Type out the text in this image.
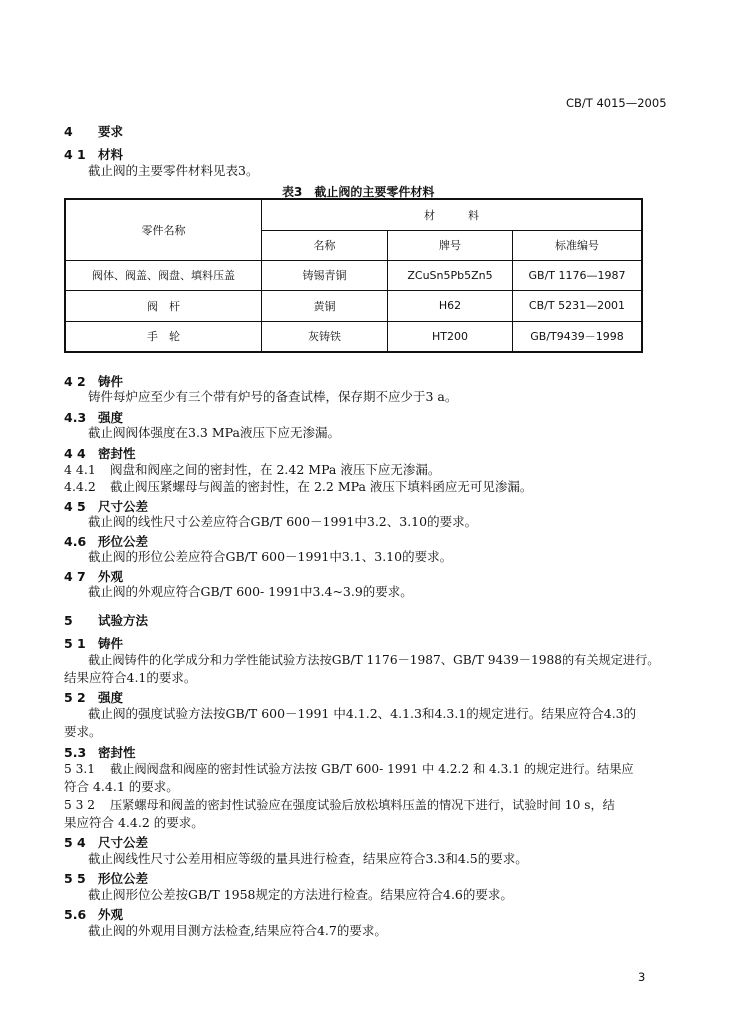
CB/T 4015—2005
4 要求
4 1 材料
截止阀的主要零件材料见表3。
表3　截止阀的主要零件材料
零件名称	材　　　料		
	名称	牌号	标准编号
阀体、阀盖、阀盘、填料压盖	铸锡青铜	ZCuSn5Pb5Zn5	GB/T 1176—1987
阀　杆	黄铜	H62	CB/T 5231—2001
手　轮	灰铸铁	HT200	GB/T9439－1998
4 2 铸件
铸件每炉应至少有三个带有炉号的备查试棒，保存期不应少于3 a。
4.3 强度
截止阀阀体强度在3.3 MPa液压下应无渗漏。
4 4 密封性
4 4.1 阀盘和阀座之间的密封性，在 2.42 MPa 液压下应无渗漏。
4.4.2 截止阀压紧螺母与阀盖的密封性，在 2.2 MPa 液压下填料函应无可见渗漏。
4 5 尺寸公差
截止阀的线性尺寸公差应符合GB/T 600－1991中3.2、3.10的要求。
4.6 形位公差
截止阀的形位公差应符合GB/T 600－1991中3.1、3.10的要求。
4 7 外观
截止阀的外观应符合GB/T 600- 1991中3.4~3.9的要求。
5 试验方法
5 1 铸件
截止阀铸件的化学成分和力学性能试验方法按GB/T 1176－1987、GB/T 9439－1988的有关规定进行。
结果应符合4.1的要求。
5 2 强度
截止阀的强度试验方法按GB/T 600－1991 中4.1.2、4.1.3和4.3.1的规定进行。结果应符合4.3的
要求。
5.3 密封性
5 3.1 截止阀阀盘和阀座的密封性试验方法按 GB/T 600- 1991 中 4.2.2 和 4.3.1 的规定进行。结果应
符合 4.4.1 的要求。
5 3 2 压紧螺母和阀盖的密封性试验应在强度试验后放松填料压盖的情况下进行，试验时间 10 s，结
果应符合 4.4.2 的要求。
5 4 尺寸公差
截止阀线性尺寸公差用相应等级的量具进行检查，结果应符合3.3和4.5的要求。
5 5 形位公差
截止阀形位公差按GB/T 1958规定的方法进行检查。结果应符合4.6的要求。
5.6 外观
截止阀的外观用目测方法检查,结果应符合4.7的要求。
3
